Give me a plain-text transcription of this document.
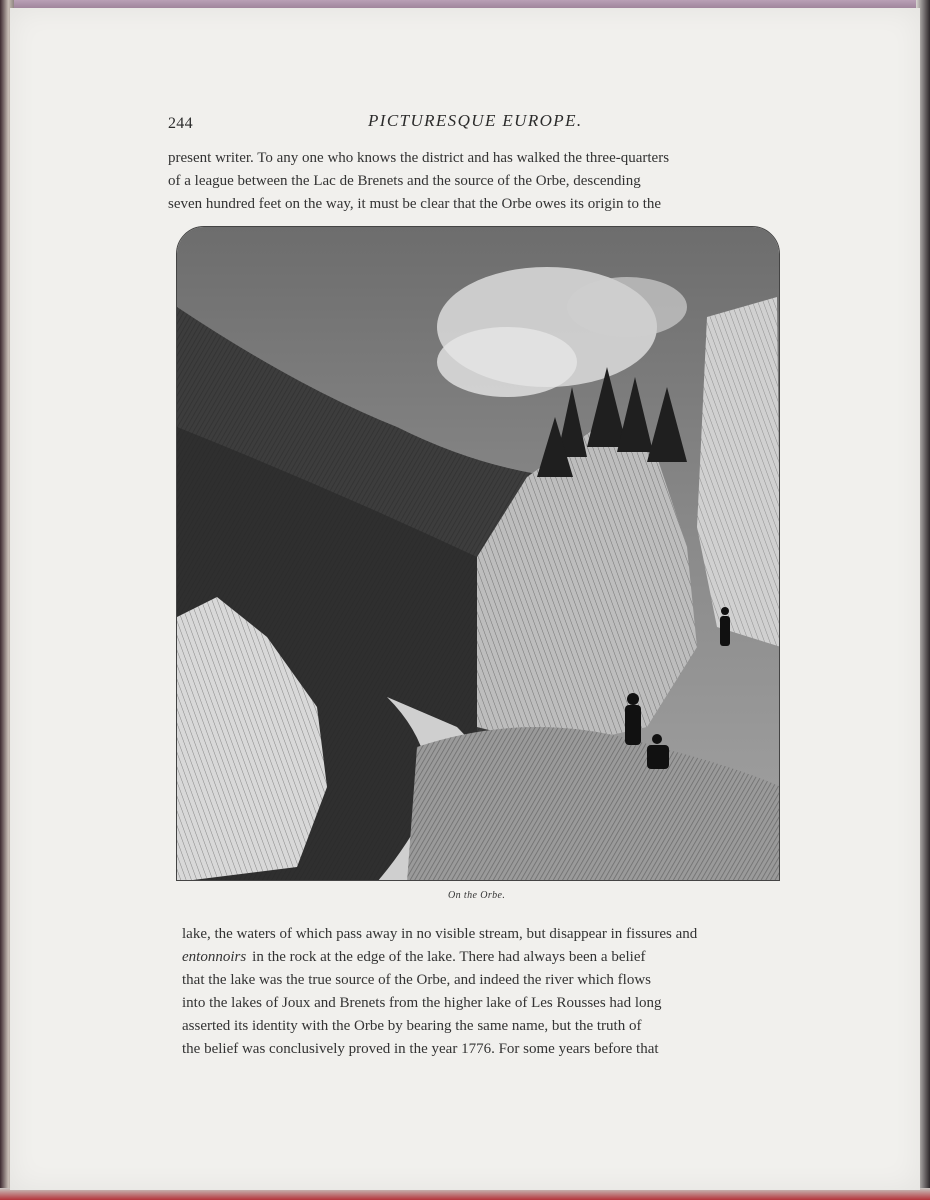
244	PICTURESQUE EUROPE.
present writer. To any one who knows the district and has walked the three-quarters
of a league between the Lac de Brenets and the source of the Orbe, descending
seven hundred feet on the way, it must be clear that the Orbe owes its origin to the
On the Orbe.
lake, the waters of which pass away in no visible stream, but disappear in fissures and
entonnoirs in the rock at the edge of the lake. There had always been a belief
that the lake was the true source of the Orbe, and indeed the river which flows
into the lakes of Joux and Brenets from the higher lake of Les Rousses had long
asserted its identity with the Orbe by bearing the same name, but the truth of
the belief was conclusively proved in the year 1776. For some years before that
